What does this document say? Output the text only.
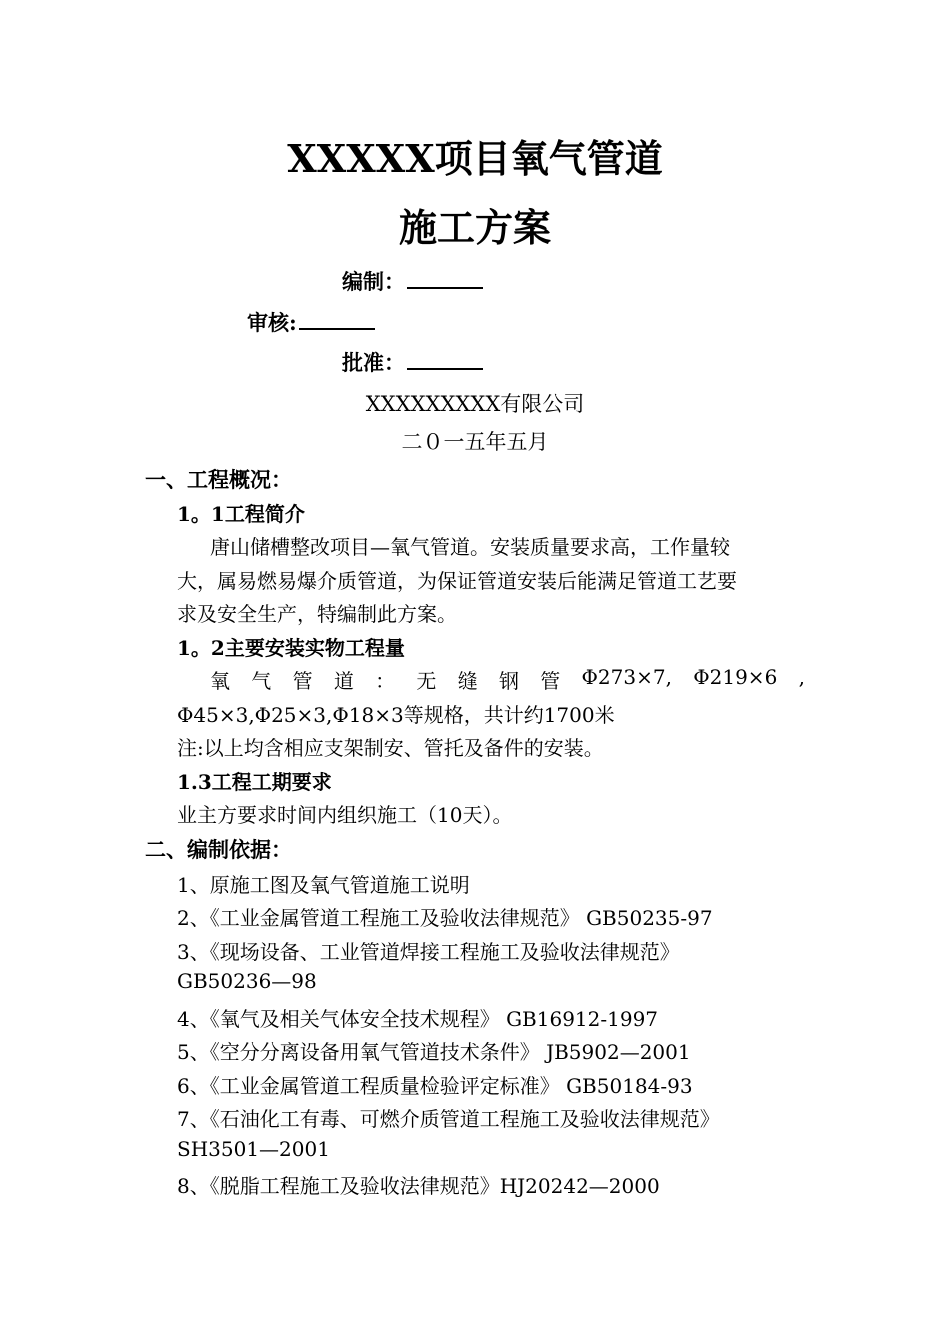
XXXXX项目氧气管道
施工方案
编制：
审核:
批准：
XXXXXXXXX有限公司
二０一五年五月
一、工程概况：
1。1工程简介
唐山储槽整改项目—氧气管道。安装质量要求高，工作量较
大，属易燃易爆介质管道，为保证管道安装后能满足管道工艺要
求及安全生产，特编制此方案。
1。2主要安装实物工程量
氧 气 管 道 ： 无 缝 钢 管 Φ273×7, Φ219×6 ,
Φ45×3,Φ25×3,Φ18×3等规格，共计约1700米
注:以上均含相应支架制安、管托及备件的安装。
1.3工程工期要求
业主方要求时间内组织施工（10天）。
二、编制依据：
1、原施工图及氧气管道施工说明
2、《工业金属管道工程施工及验收法律规范》 GB50235-97
3、《现场设备、工业管道焊接工程施工及验收法律规范》
GB50236—98
4、《氧气及相关气体安全技术规程》 GB16912-1997
5、《空分分离设备用氧气管道技术条件》 JB5902—2001
6、《工业金属管道工程质量检验评定标准》 GB50184-93
7、《石油化工有毒、可燃介质管道工程施工及验收法律规范》
SH3501—2001
8、《脱脂工程施工及验收法律规范》HJ20242—2000
